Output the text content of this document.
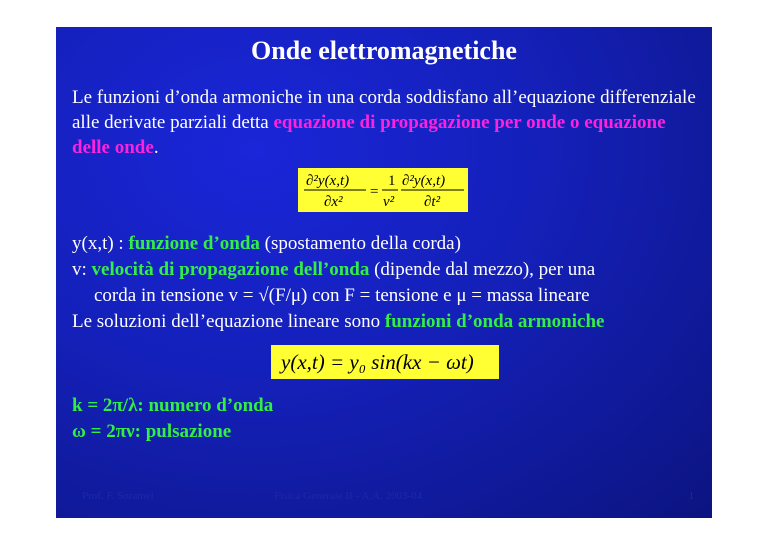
Onde elettromagnetiche
Le funzioni d’onda armoniche in una corda soddisfano all’equazione differenziale alle derivate parziali detta equazione di propagazione per onde o equazione delle onde.
∂²y(x,t)
∂x²
=
1
v²
∂²y(x,t)
∂t²
y(x,t) : funzione d’onda (spostamento della corda)
v: velocità di propagazione dell’onda (dipende dal mezzo), per una
corda in tensione v = √(F/μ) con F = tensione e μ = massa lineare
Le soluzioni dell’equazione lineare sono funzioni d’onda armoniche
y(x,t) = y₀ sin(kx − ωt)
k = 2π/λ: numero d’onda
ω = 2πν: pulsazione
Prof. F. Soramel	Fisica Generale II - A.A. 2003-04	1
